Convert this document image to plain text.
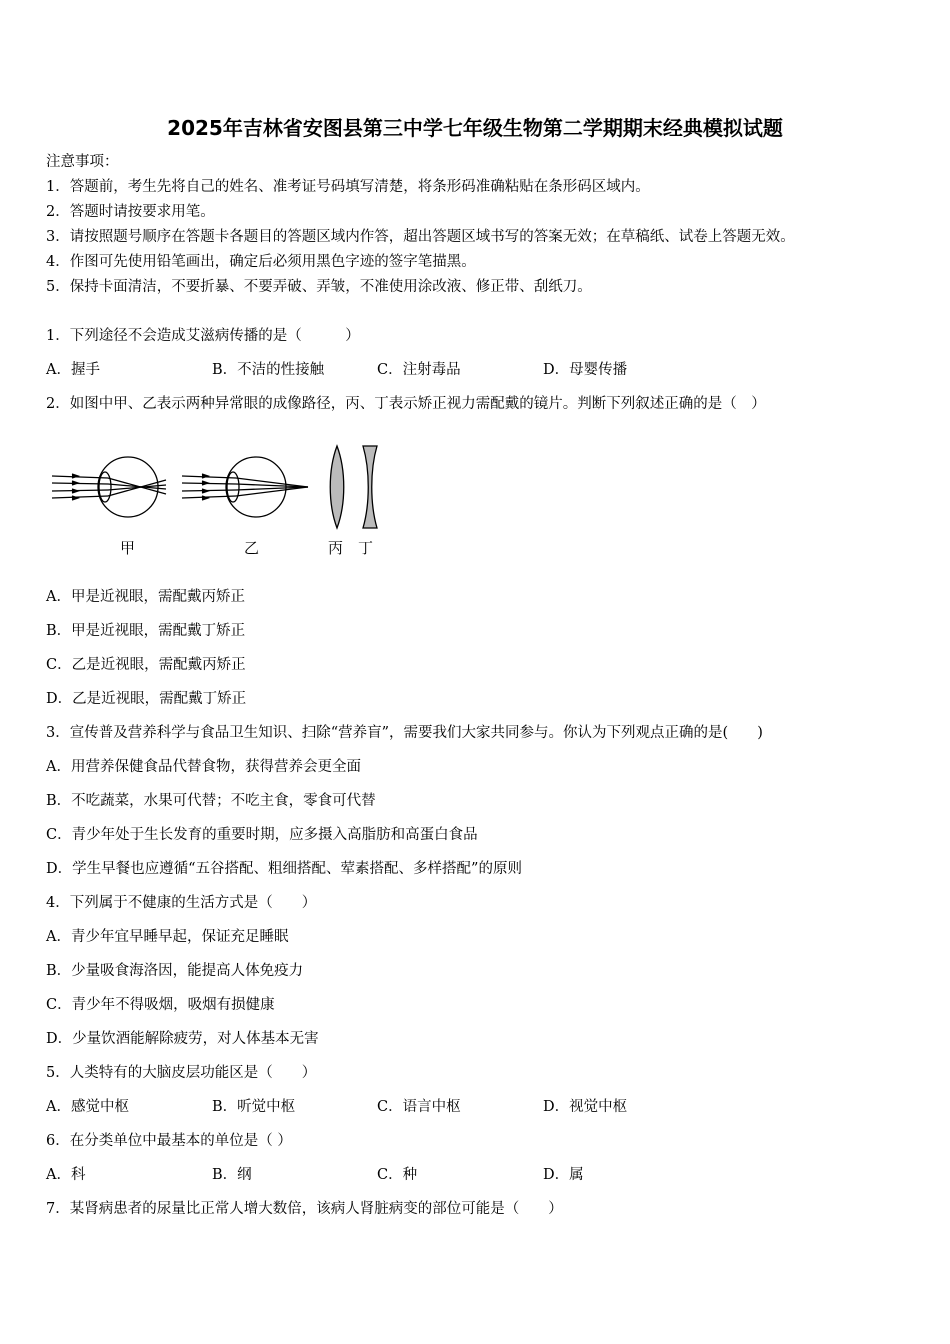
2025年吉林省安图县第三中学七年级生物第二学期期末经典模拟试题
注意事项：
1．答题前，考生先将自己的姓名、准考证号码填写清楚，将条形码准确粘贴在条形码区域内。
2．答题时请按要求用笔。
3．请按照题号顺序在答题卡各题目的答题区域内作答，超出答题区域书写的答案无效；在草稿纸、试卷上答题无效。
4．作图可先使用铅笔画出，确定后必须用黑色字迹的签字笔描黑。
5．保持卡面清洁，不要折暴、不要弄破、弄皱，不准使用涂改液、修正带、刮纸刀。
1．下列途径不会造成艾滋病传播的是（　　　）
A．握手	B．不洁的性接触	C．注射毒品	D．母婴传播
2．如图中甲、乙表示两种异常眼的成像路径，丙、丁表示矫正视力需配戴的镜片。判断下列叙述正确的是（　）
甲	乙	丙 丁
A．甲是近视眼，需配戴丙矫正
B．甲是近视眼，需配戴丁矫正
C．乙是近视眼，需配戴丙矫正
D．乙是近视眼，需配戴丁矫正
3．宣传普及营养科学与食品卫生知识、扫除“营养盲”，需要我们大家共同参与。你认为下列观点正确的是(　　)
A．用营养保健食品代替食物，获得营养会更全面
B．不吃蔬菜，水果可代替；不吃主食，零食可代替
C．青少年处于生长发育的重要时期，应多摄入高脂肪和高蛋白食品
D．学生早餐也应遵循“五谷搭配、粗细搭配、荤素搭配、多样搭配”的原则
4．下列属于不健康的生活方式是（　　）
A．青少年宜早睡早起，保证充足睡眠
B．少量吸食海洛因，能提高人体免疫力
C．青少年不得吸烟，吸烟有损健康
D．少量饮酒能解除疲劳，对人体基本无害
5．人类特有的大脑皮层功能区是（　　）
A．感觉中枢	B．听觉中枢	C．语言中枢	D．视觉中枢
6．在分类单位中最基本的单位是（ ）
A．科	B．纲	C．种	D．属
7．某肾病患者的尿量比正常人增大数倍，该病人肾脏病变的部位可能是（　　）
